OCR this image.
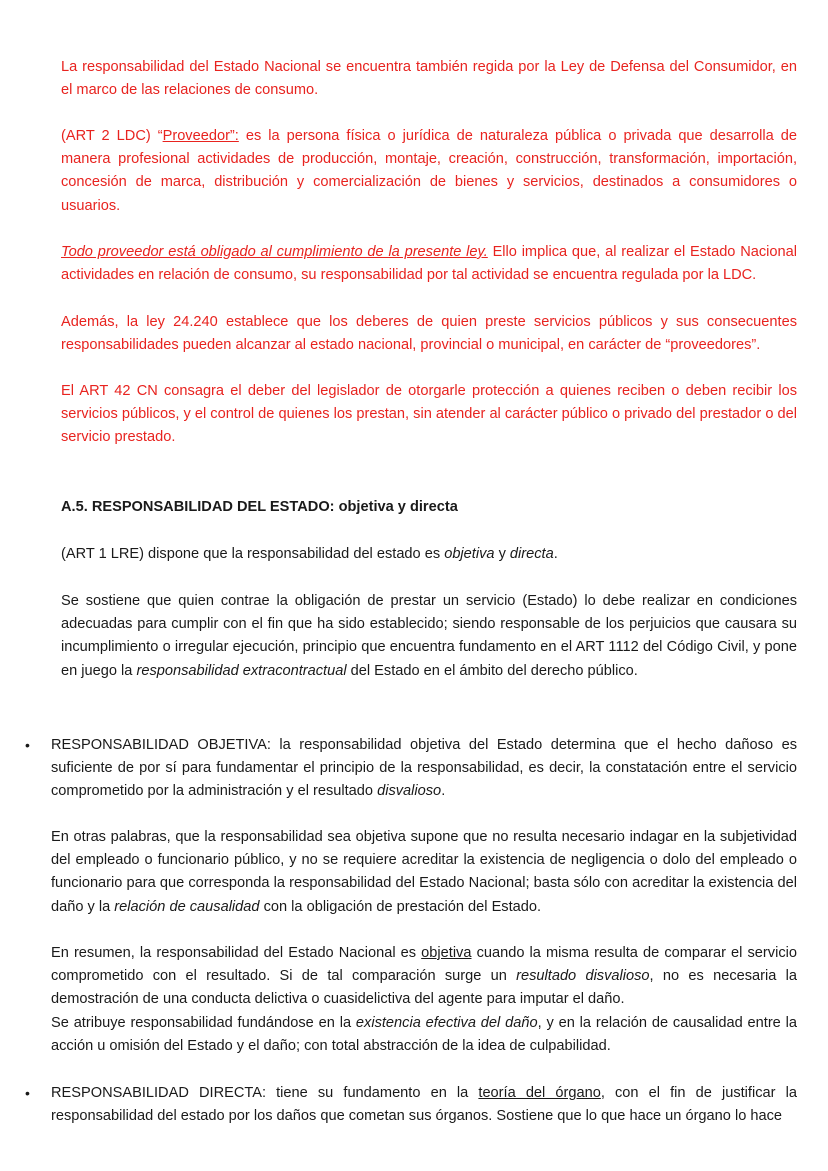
La responsabilidad del Estado Nacional se encuentra también regida por la Ley de Defensa del Consumidor, en el marco de las relaciones de consumo.

(ART 2 LDC) “Proveedor”: es la persona física o jurídica de naturaleza pública o privada que desarrolla de manera profesional actividades de producción, montaje, creación, construcción, transformación, importación, concesión de marca, distribución y comercialización de bienes y servicios, destinados a consumidores o usuarios.

Todo proveedor está obligado al cumplimiento de la presente ley. Ello implica que, al realizar el Estado Nacional actividades en relación de consumo, su responsabilidad por tal actividad se encuentra regulada por la LDC.

Además, la ley 24.240 establece que los deberes de quien preste servicios públicos y sus consecuentes responsabilidades pueden alcanzar al estado nacional, provincial o municipal, en carácter de “proveedores”.

El ART 42 CN consagra el deber del legislador de otorgarle protección a quienes reciben o deben recibir los servicios públicos, y el control de quienes los prestan, sin atender al carácter público o privado del prestador o del servicio prestado.

A.5. RESPONSABILIDAD DEL ESTADO: objetiva y directa

(ART 1 LRE) dispone que la responsabilidad del estado es objetiva y directa.

Se sostiene que quien contrae la obligación de prestar un servicio (Estado) lo debe realizar en condiciones adecuadas para cumplir con el fin que ha sido establecido; siendo responsable de los perjuicios que causara su incumplimiento o irregular ejecución, principio que encuentra fundamento en el ART 1112 del Código Civil, y pone en juego la responsabilidad extracontractual del Estado en el ámbito del derecho público.

• RESPONSABILIDAD OBJETIVA: la responsabilidad objetiva del Estado determina que el hecho dañoso es suficiente de por sí para fundamentar el principio de la responsabilidad, es decir, la constatación entre el servicio comprometido por la administración y el resultado disvalioso.

En otras palabras, que la responsabilidad sea objetiva supone que no resulta necesario indagar en la subjetividad del empleado o funcionario público, y no se requiere acreditar la existencia de negligencia o dolo del empleado o funcionario para que corresponda la responsabilidad del Estado Nacional; basta sólo con acreditar la existencia del daño y la relación de causalidad con la obligación de prestación del Estado.

En resumen, la responsabilidad del Estado Nacional es objetiva cuando la misma resulta de comparar el servicio comprometido con el resultado. Si de tal comparación surge un resultado disvalioso, no es necesaria la demostración de una conducta delictiva o cuasidelictiva del agente para imputar el daño.

Se atribuye responsabilidad fundándose en la existencia efectiva del daño, y en la relación de causalidad entre la acción u omisión del Estado y el daño; con total abstracción de la idea de culpabilidad.

• RESPONSABILIDAD DIRECTA: tiene su fundamento en la teoría del órgano, con el fin de justificar la responsabilidad del estado por los daños que cometan sus órganos. Sostiene que lo que hace un órgano lo hace
